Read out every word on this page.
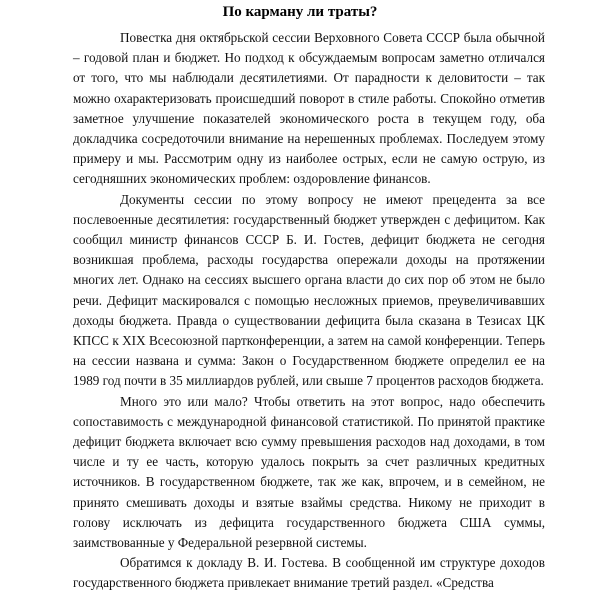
По карману ли траты?

Повестка дня октябрьской сессии Верховного Совета СССР была обычной – годовой план и бюджет. Но подход к обсуждаемым вопросам заметно отличался от того, что мы наблюдали десятилетиями. От парадности к деловитости – так можно охарактеризовать происшедший поворот в стиле работы. Спокойно отметив заметное улучшение показателей экономического роста в текущем году, оба докладчика сосредоточили внимание на нерешенных проблемах. Последуем этому примеру и мы. Рассмотрим одну из наиболее острых, если не самую острую, из сегодняшних экономических проблем: оздоровление финансов.

Документы сессии по этому вопросу не имеют прецедента за все послевоенные десятилетия: государственный бюджет утвержден с дефицитом. Как сообщил министр финансов СССР Б. И. Гостев, дефицит бюджета не сегодня возникшая проблема, расходы государства опережали доходы на протяжении многих лет. Однако на сессиях высшего органа власти до сих пор об этом не было речи. Дефицит маскировался с помощью несложных приемов, преувеличивавших доходы бюджета. Правда о существовании дефицита была сказана в Тезисах ЦК КПСС к XIX Всесоюзной партконференции, а затем на самой конференции. Теперь на сессии названа и сумма: Закон о Государственном бюджете определил ее на 1989 год почти в 35 миллиардов рублей, или свыше 7 процентов расходов бюджета.

Много это или мало? Чтобы ответить на этот вопрос, надо обеспечить сопоставимость с международной финансовой статистикой. По принятой практике дефицит бюджета включает всю сумму превышения расходов над доходами, в том числе и ту ее часть, которую удалось покрыть за счет различных кредитных источников. В государственном бюджете, так же как, впрочем, и в семейном, не принято смешивать доходы и взятые взаймы средства. Никому не приходит в голову исключать из дефицита государственного бюджета США суммы, заимствованные у Федеральной резервной системы.

Обратимся к докладу В. И. Гостева. В сообщенной им структуре доходов государственного бюджета привлекает внимание третий раздел. «Средства
